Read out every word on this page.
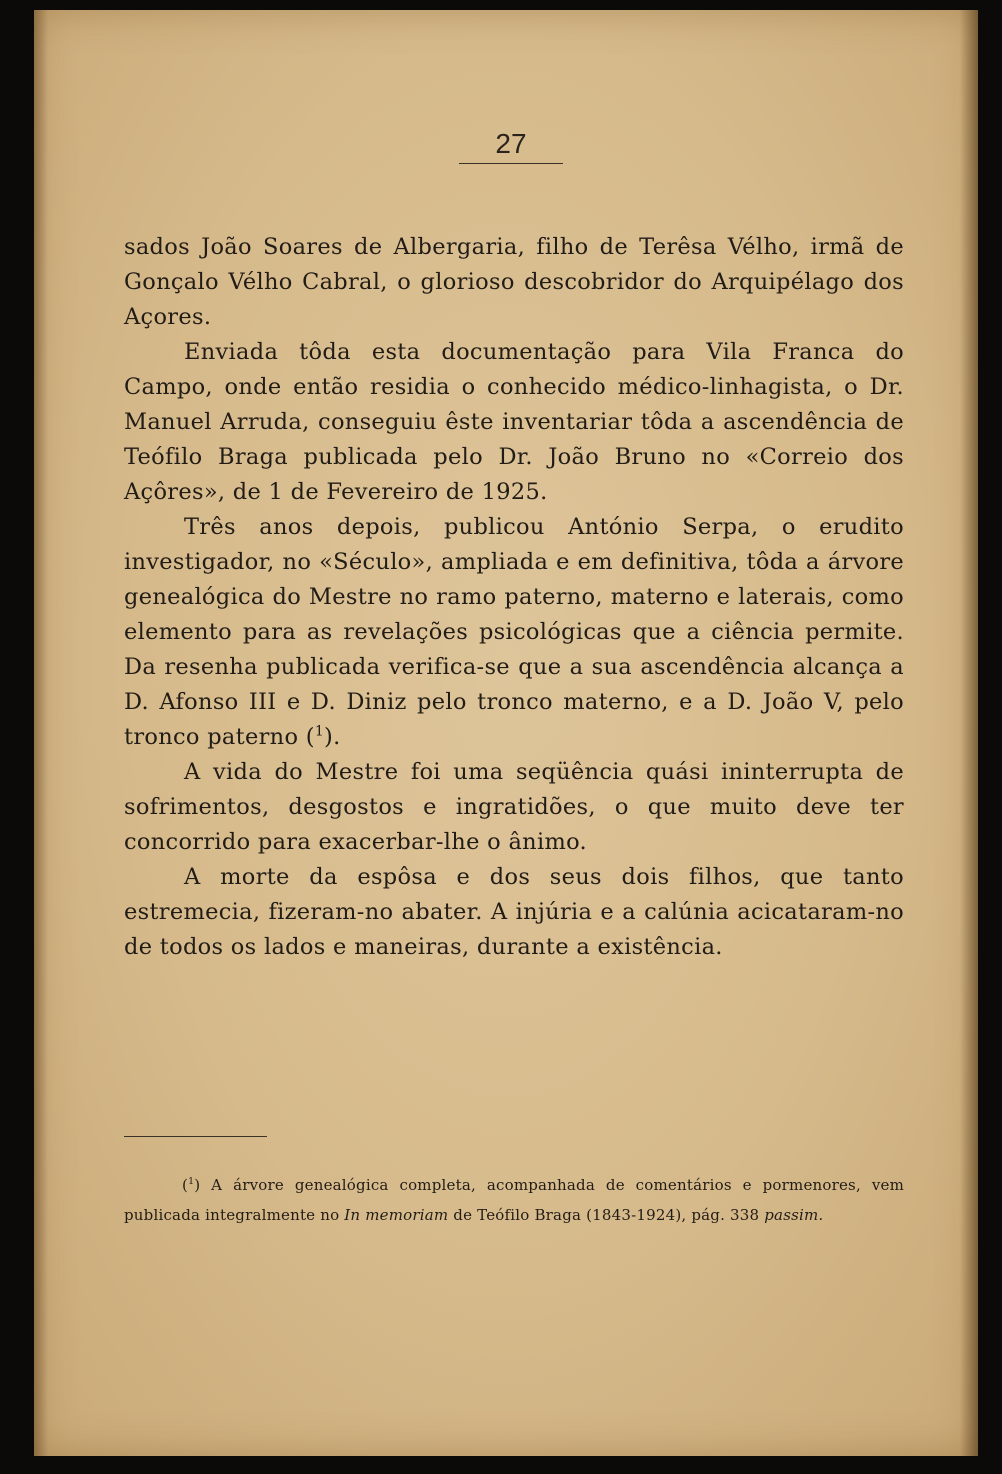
27

sados João Soares de Albergaria, filho de Terêsa Vélho, irmã de Gonçalo Vélho Cabral, o glorioso descobridor do Arquipélago dos Açores.

Enviada tôda esta documentação para Vila Franca do Campo, onde então residia o conhecido médico-linhagista, o Dr. Manuel Arruda, conseguiu êste inventariar tôda a ascendência de Teófilo Braga publicada pelo Dr. João Bruno no «Correio dos Açôres», de 1 de Fevereiro de 1925.

Três anos depois, publicou António Serpa, o erudito investigador, no «Século», ampliada e em definitiva, tôda a árvore genealógica do Mestre no ramo paterno, materno e laterais, como elemento para as revelações psicológicas que a ciência permite. Da resenha publicada verifica-se que a sua ascendência alcança a D. Afonso III e D. Diniz pelo tronco materno, e a D. João V, pelo tronco paterno ($^1$).

A vida do Mestre foi uma seqüência quási ininterrupta de sofrimentos, desgostos e ingratidões, o que muito deve ter concorrido para exacerbar-lhe o ânimo.

A morte da espôsa e dos seus dois filhos, que tanto estremecia, fizeram-no abater. A injúria e a calúnia acicataram-no de todos os lados e maneiras, durante a existência.

($^1$) A árvore genealógica completa, acompanhada de comentários e pormenores, vem publicada integralmente no In memoriam de Teófilo Braga (1843-1924), pág. 338 passim.
